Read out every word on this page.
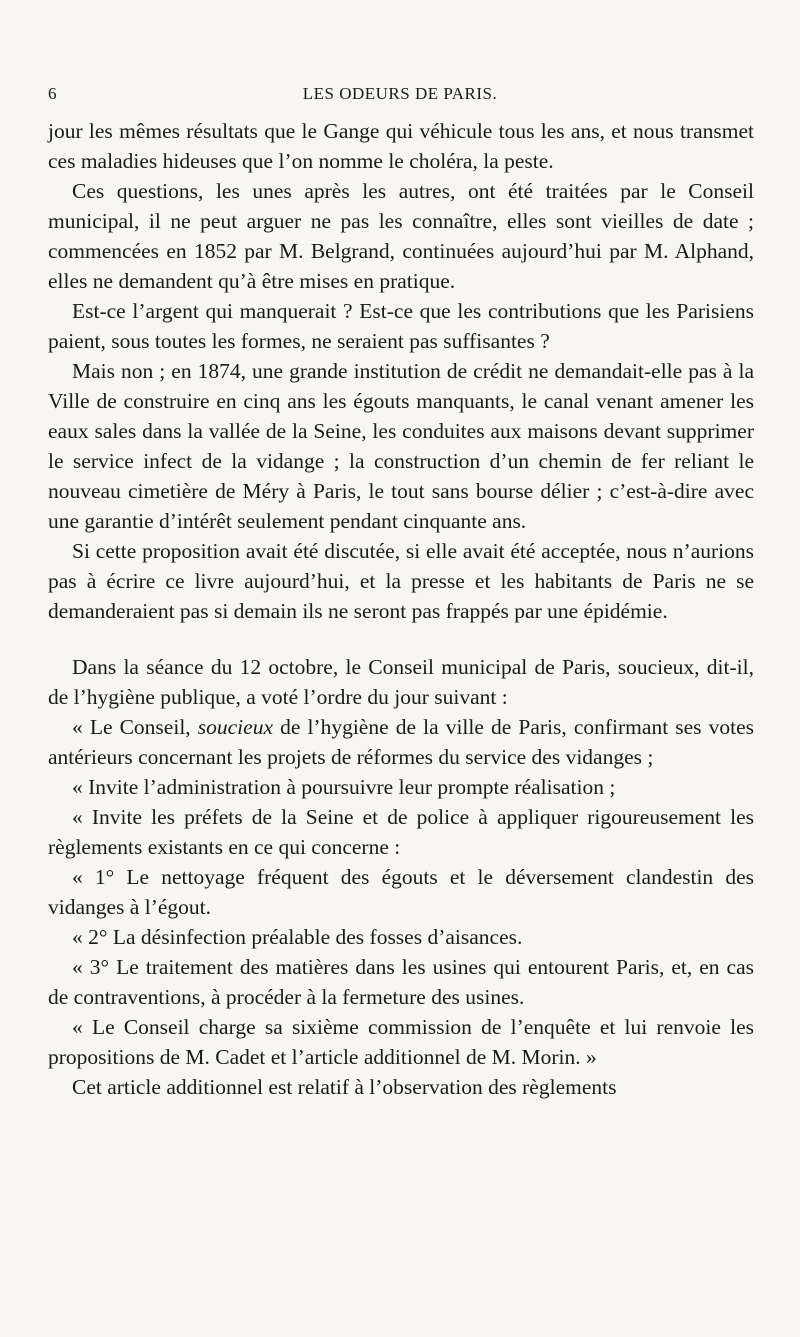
6	LES ODEURS DE PARIS.

jour les mêmes résultats que le Gange qui véhicule tous les ans, et nous transmet ces maladies hideuses que l’on nomme le choléra, la peste.

Ces questions, les unes après les autres, ont été traitées par le Conseil municipal, il ne peut arguer ne pas les connaître, elles sont vieilles de date ; commencées en 1852 par M. Belgrand, continuées aujourd’hui par M. Alphand, elles ne demandent qu’à être mises en pratique.

Est-ce l’argent qui manquerait ? Est-ce que les contributions que les Parisiens paient, sous toutes les formes, ne seraient pas suffisantes ?

Mais non ; en 1874, une grande institution de crédit ne demandait-elle pas à la Ville de construire en cinq ans les égouts manquants, le canal venant amener les eaux sales dans la vallée de la Seine, les conduites aux maisons devant supprimer le service infect de la vidange ; la construction d’un chemin de fer reliant le nouveau cimetière de Méry à Paris, le tout sans bourse délier ; c’est-à-dire avec une garantie d’intérêt seulement pendant cinquante ans.

Si cette proposition avait été discutée, si elle avait été acceptée, nous n’aurions pas à écrire ce livre aujourd’hui, et la presse et les habitants de Paris ne se demanderaient pas si demain ils ne seront pas frappés par une épidémie.

Dans la séance du 12 octobre, le Conseil municipal de Paris, soucieux, dit-il, de l’hygiène publique, a voté l’ordre du jour suivant :

« Le Conseil, soucieux de l’hygiène de la ville de Paris, confirmant ses votes antérieurs concernant les projets de réformes du service des vidanges ;

« Invite l’administration à poursuivre leur prompte réalisation ;

« Invite les préfets de la Seine et de police à appliquer rigoureusement les règlements existants en ce qui concerne :

« 1° Le nettoyage fréquent des égouts et le déversement clandestin des vidanges à l’égout.

« 2° La désinfection préalable des fosses d’aisances.

« 3° Le traitement des matières dans les usines qui entourent Paris, et, en cas de contraventions, à procéder à la fermeture des usines.

« Le Conseil charge sa sixième commission de l’enquête et lui renvoie les propositions de M. Cadet et l’article additionnel de M. Morin. »

Cet article additionnel est relatif à l’observation des règlements
